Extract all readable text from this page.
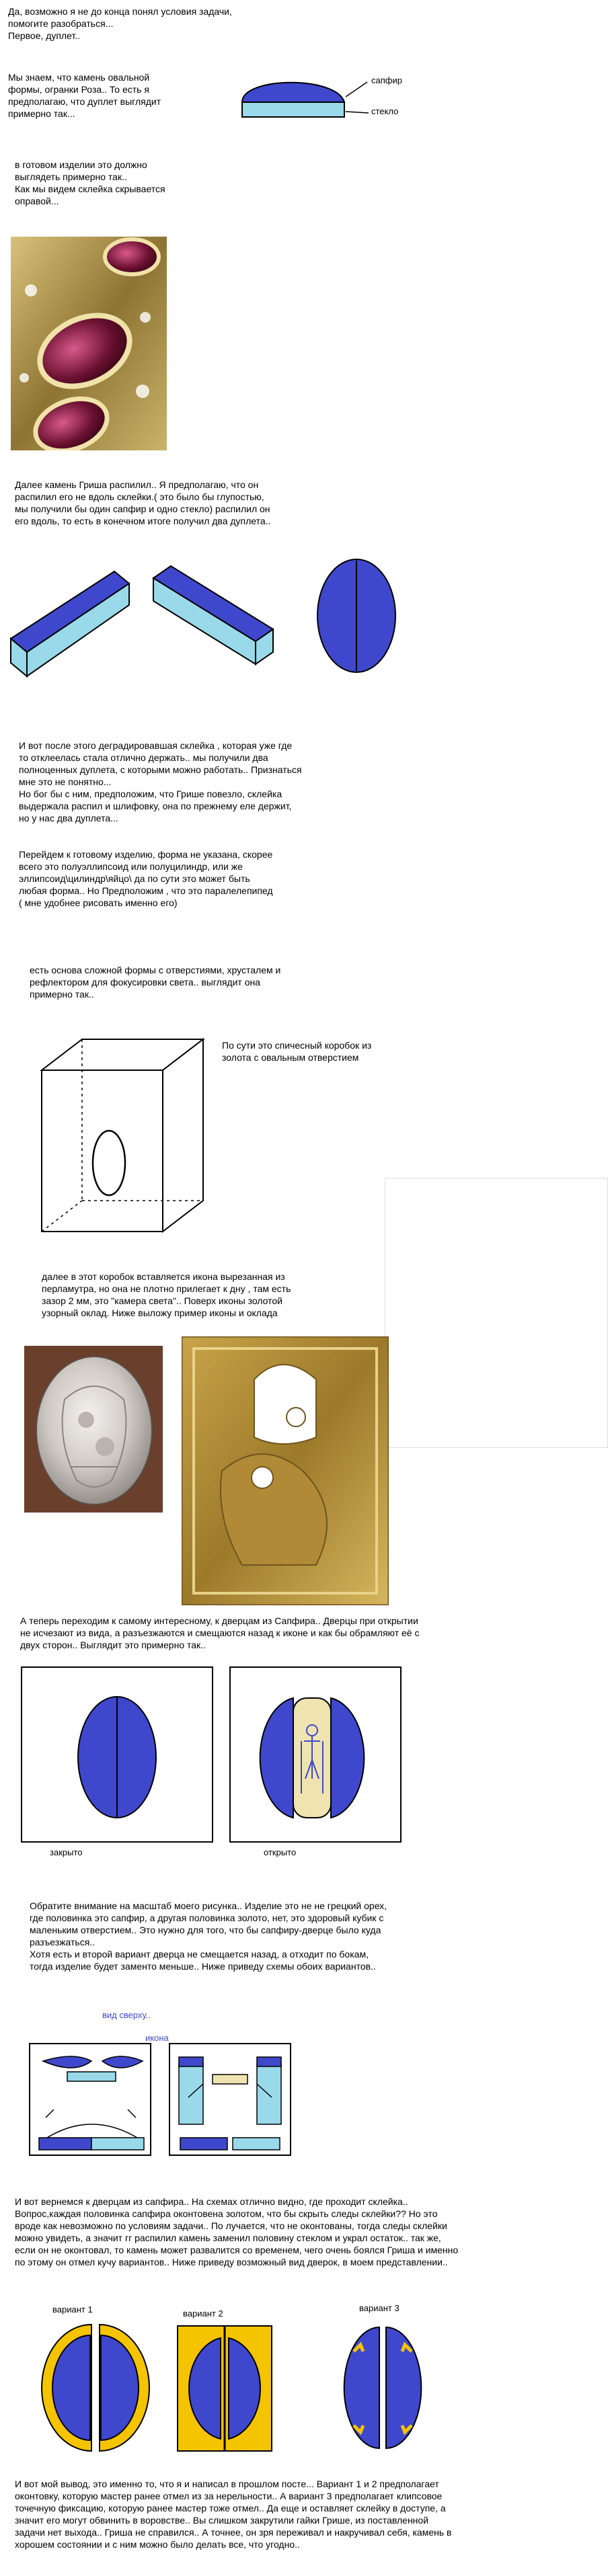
Да, возможно я не до конца понял условия задачи,
помогите разобраться...
Первое, дуплет..
Мы знаем, что камень овальной
формы, огранки Роза.. То есть я
предполагаю, что дуплет выглядит
примерно так...
сапфир
стекло
в готовом изделии это должно
выглядеть примерно так..
Как мы видем склейка скрывается
оправой...
Далее камень Гриша распилил.. Я предполагаю, что он
распилил его не вдоль склейки.( это было бы глупостью,
мы получили бы один сапфир и одно стекло) распилил он
его вдоль, то есть в конечном итоге получил два дуплета..
И вот после этого деградировавшая склейка , которая уже где
то отклеелась стала отлично держать.. мы получили два
полноценных дуплета, с которыми можно работать.. Признаться
мне это не понятно...
Но бог бы с ним, предположим, что Грише повезло, склейка
выдержала распил и шлифовку, она по прежнему еле держит,
но у нас два дуплета...
Перейдем к готовому изделию, форма не указана, скорее
всего это полуэллипсоид или полуцилиндр, или же
эллипсоид\цилиндр\яйцо\ да по сути это может быть
любая форма.. Но Предположим , что это паралелепипед
( мне удобнее рисовать именно его)
есть основа сложной формы с отверстиями, хрусталем и
рефлектором для фокусировки света.. выглядит она
примерно так..
По сути это спичесный коробок из
золота с овальным отверстием
далее в этот коробок вставляется икона вырезанная из
перламутра, но она не плотно прилегает к дну , там есть
зазор 2 мм, это "камера света".. Поверх иконы золотой
узорный оклад. Ниже выложу пример иконы и оклада
А теперь переходим к самому интересному, к дверцам из Сапфира.. Дверцы при открытии
не исчезают из вида, а разъезжаются и смещаются назад к иконе и как бы обрамляют её с
двух сторон.. Выглядит это примерно так..
закрыто	открыто
Обратите внимание на масштаб моего рисунка.. Изделие это не не грецкий орех,
где половинка это сапфир, а другая половинка золото, нет, это здоровый кубик с
маленьким отверстием.. Это нужно для того, что бы сапфиру-дверце было куда
разъезжаться..
Хотя есть и второй вариант дверца не смещается назад, а отходит по бокам,
тогда изделие будет заменто меньше.. Ниже приведу схемы обоих вариантов..
вид сверху..
икона
И вот вернемся к дверцам из сапфира.. На схемах отлично видно, где проходит склейка..
Вопрос,каждая половинка сапфира оконтовена золотом, что бы скрыть следы склейки?? Но это
вроде как невозможно по условиям задачи.. По лучается, что не оконтованы, тогда следы склейки
можно увидеть, а значит гг распилил камень заменил половину стеклом и украл остаток.. так же,
если он не оконтовал, то камень может развалится со временем, чего очень боялся Гриша и именно
по этому он отмел кучу вариантов.. Ниже приведу возможный вид дверок, в моем представлении..
вариант 1	вариант 2
вариант 3
И вот мой вывод, это именно то, что я и написал в прошлом посте... Вариант 1 и 2 предполагает
оконтовку, которую мастер ранее отмел из за нерельности.. А вариант 3 предполагает клипсовое
точечную фиксацию, которую ранее мастер тоже отмел.. Да еще и оставляет склейку в доступе, а
значит его могут обвинить в воровстве.. Вы слишком закрутили гайки Грише, из поставленной
задачи нет выхода.. Гриша не справился.. А точнее, он зря переживал и накручивал себя, камень в
хорошем состоянии и с ним можно было делать все, что угодно..
